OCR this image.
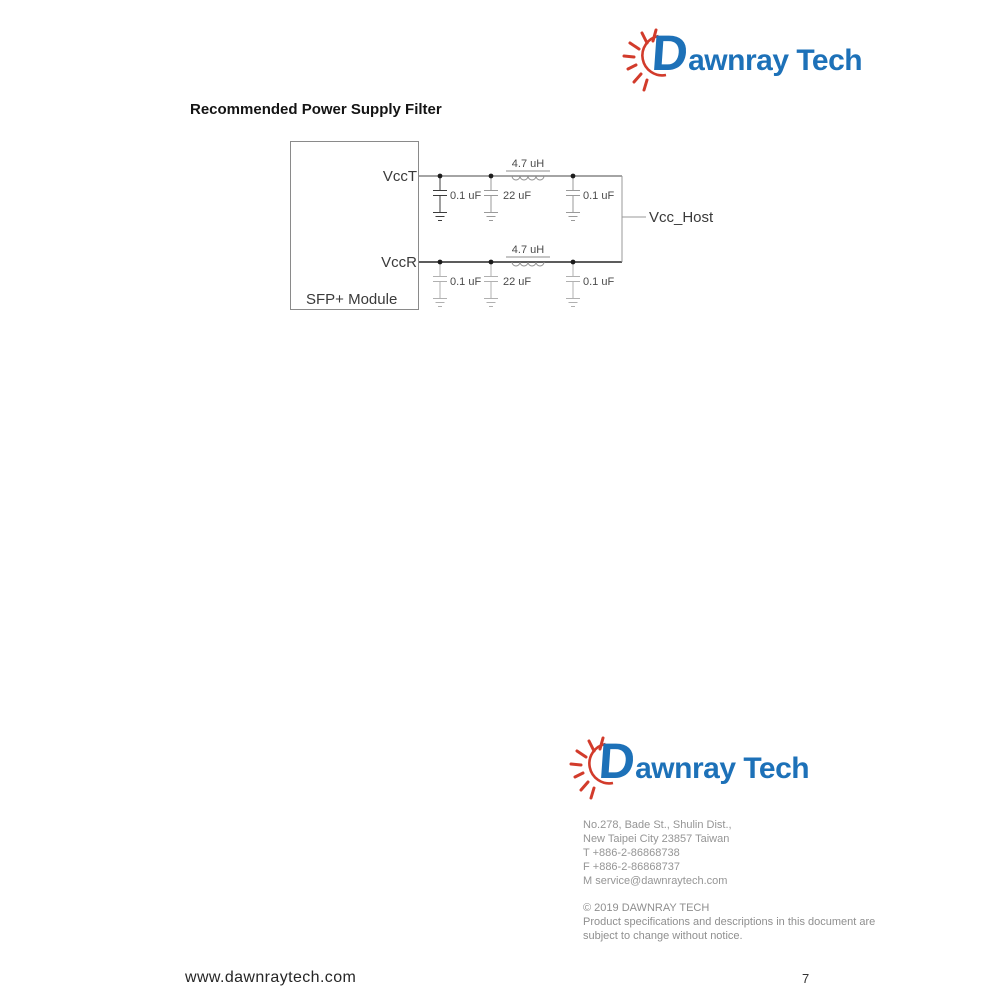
D
awnray Tech
Recommended Power Supply Filter
VccT
VccR
SFP+ Module
Vcc_Host
4.7 uH
4.7 uH
0.1 uF 22 uF	0.1 uF
0.1 uF 22 uF	0.1 uF
D
awnray Tech
No.278, Bade St., Shulin Dist.,
New Taipei City 23857 Taiwan
T +886-2-86868738
F +886-2-86868737
M service@dawnraytech.com
© 2019 DAWNRAY TECH
Product specifications and descriptions in this document are
subject to change without notice.
www.dawnraytech.com	7
